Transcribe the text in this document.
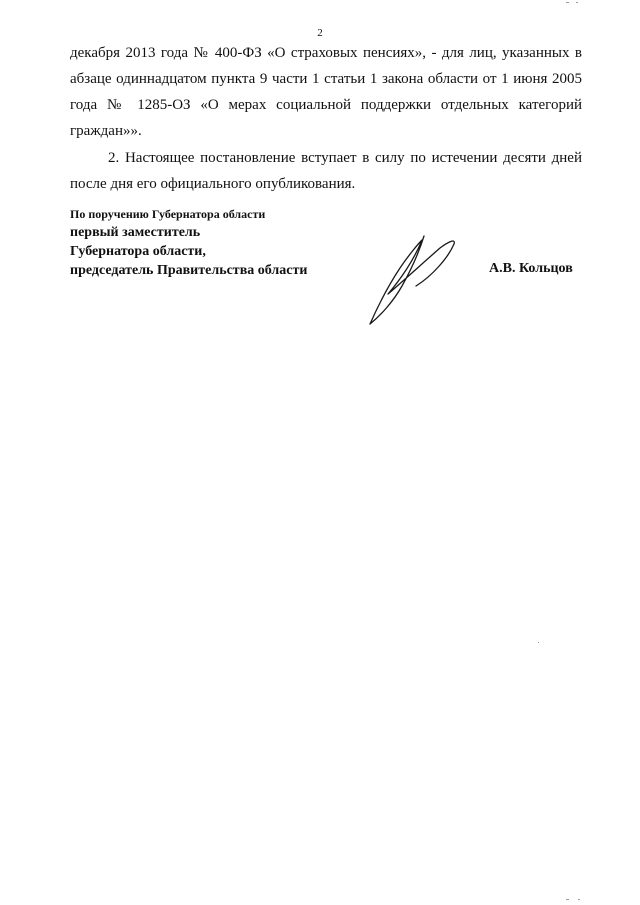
2

декабря 2013 года № 400-ФЗ «О страховых пенсиях», - для лиц, указанных в абзаце одиннадцатом пункта 9 части 1 статьи 1 закона области от 1 июня 2005 года № 1285-ОЗ «О мерах социальной поддержки отдельных категорий граждан»».

2. Настоящее постановление вступает в силу по истечении десяти дней после дня его официального опубликования.

По поручению Губернатора области
первый заместитель
Губернатора области,
председатель Правительства области	А.В. Кольцов
